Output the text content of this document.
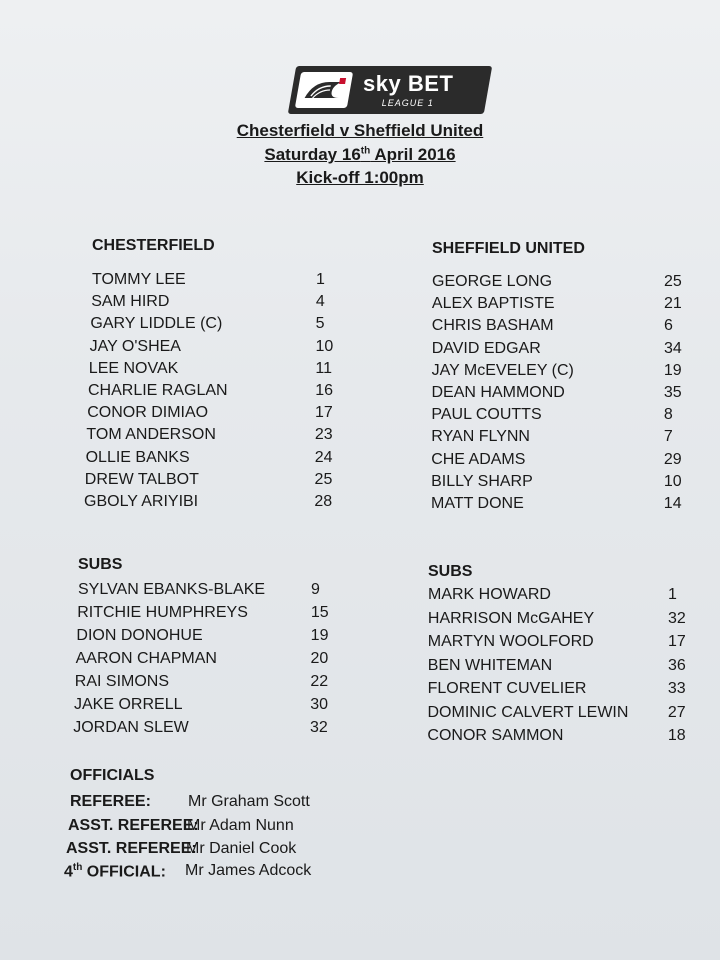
sky BET
LEAGUE 1
Chesterfield v Sheffield United
Saturday 16th April 2016
Kick-off 1:00pm
CHESTERFIELD
TOMMY LEE	1
SAM HIRD	4
GARY LIDDLE (C)	5
JAY O'SHEA	10
LEE NOVAK	11
CHARLIE RAGLAN	16
CONOR DIMIAO	17
TOM ANDERSON	23
OLLIE BANKS	24
DREW TALBOT	25
GBOLY ARIYIBI	28
SUBS
SYLVAN EBANKS-BLAKE	9
RITCHIE HUMPHREYS	15
DION DONOHUE	19
AARON CHAPMAN	20
RAI SIMONS	22
JAKE ORRELL	30
JORDAN SLEW	32
SHEFFIELD UNITED
GEORGE LONG	25
ALEX BAPTISTE	21
CHRIS BASHAM	6
DAVID EDGAR	34
JAY McEVELEY (C)	19
DEAN HAMMOND	35
PAUL COUTTS	8
RYAN FLYNN	7
CHE ADAMS	29
BILLY SHARP	10
MATT DONE	14
SUBS
MARK HOWARD	1
HARRISON McGAHEY	32
MARTYN WOOLFORD	17
BEN WHITEMAN	36
FLORENT CUVELIER	33
DOMINIC CALVERT LEWIN 27
CONOR SAMMON	18
OFFICIALS
REFEREE: Mr Graham Scott
ASST. REFEREE:
Mr Adam Nunn
ASST. REFEREE:
Mr Daniel Cook
4th OFFICIAL: Mr James Adcock
